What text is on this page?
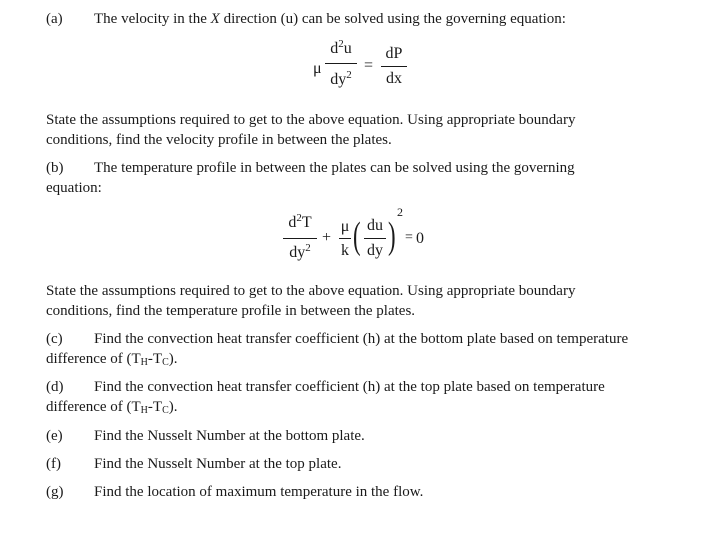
(a) The velocity in the X direction (u) can be solved using the governing equation:
μ
$d^2u$
$dy^2$
=
dP
dx
State the assumptions required to get to the above equation. Using appropriate boundary
conditions, find the velocity profile in between the plates.
(b) The temperature profile in between the plates can be solved using the governing
equation:
$d^2T$
$dy^2$
+
μ
k ( du
dy )
2
= 0
State the assumptions required to get to the above equation. Using appropriate boundary
conditions, find the temperature profile in between the plates.
(c) Find the convection heat transfer coefficient (h) at the bottom plate based on temperature
difference of $(T_H-T_C)$.
(d) Find the convection heat transfer coefficient (h) at the top plate based on temperature
difference of $(T_H-T_C)$.
(e) Find the Nusselt Number at the bottom plate.
(f) Find the Nusselt Number at the top plate.
(g) Find the location of maximum temperature in the flow.
